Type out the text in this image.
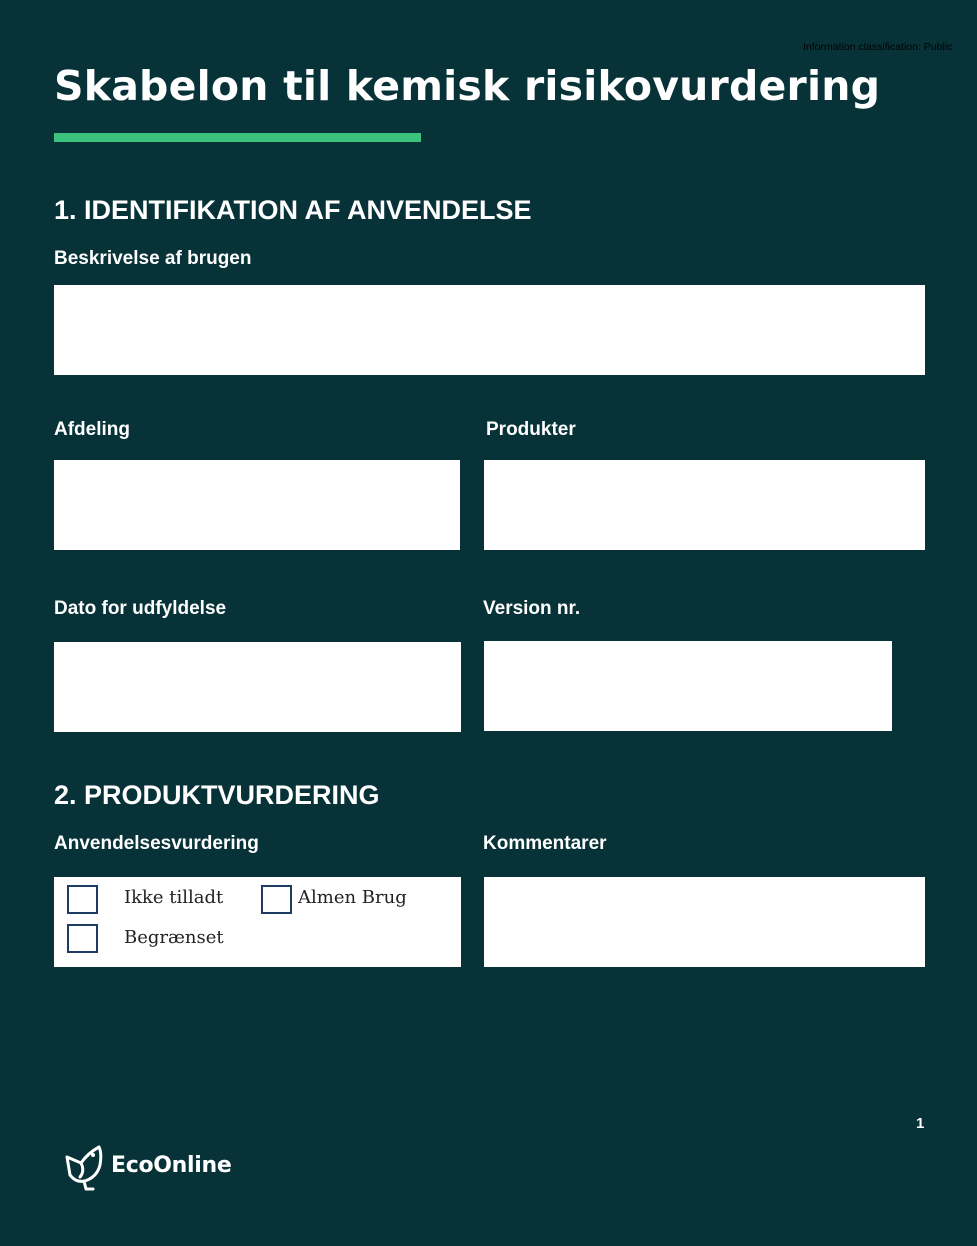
Information classification: Public
Skabelon til kemisk risikovurdering
1. IDENTIFIKATION AF ANVENDELSE
Beskrivelse af brugen
Afdeling	Produkter
Dato for udfyldelse	Version nr.
2. PRODUKTVURDERING
Anvendelsesvurdering	Kommentarer
Ikke tilladt	Almen Brug
Begrænset
1
EcoOnline
